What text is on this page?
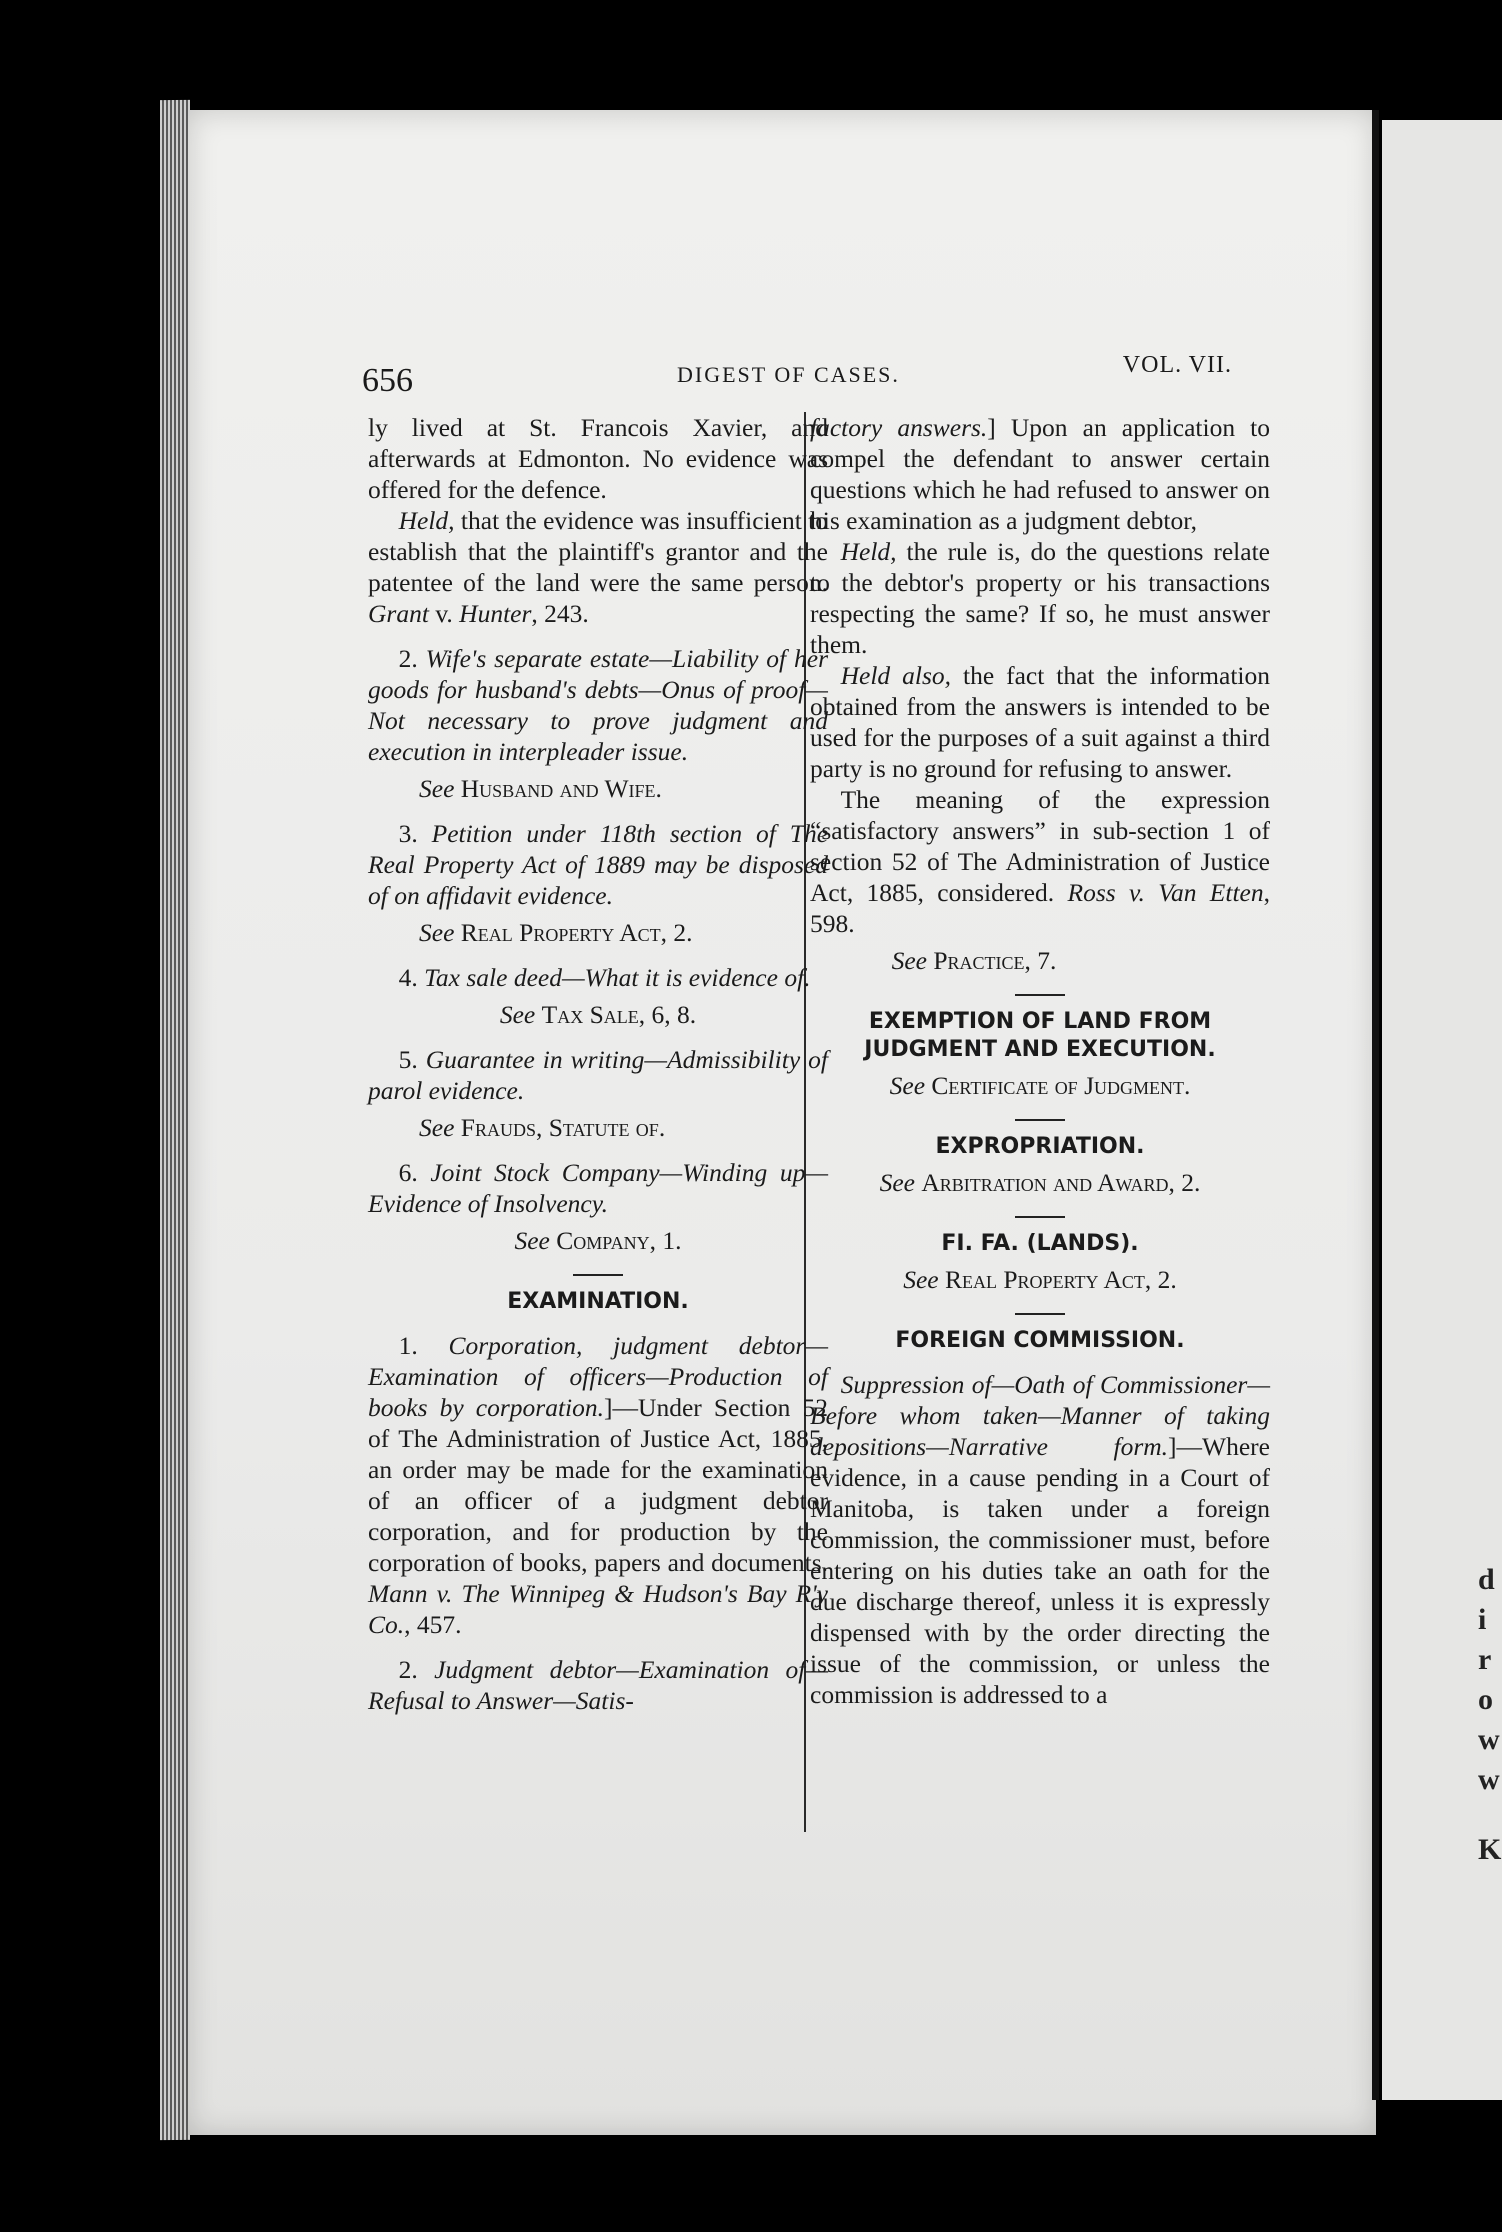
d
i
r
o
w
w
K
656	DIGEST OF CASES.	VOL. VII.

ly lived at St. Francois Xavier, and afterwards at Edmonton. No evidence was offered for the defence.

Held, that the evidence was insufficient to establish that the plaintiff's grantor and the patentee of the land were the same person. Grant v. Hunter, 243.

2. Wife's separate estate—Liability of her goods for husband's debts—Onus of proof—Not necessary to prove judgment and execution in interpleader issue.

See Husband and Wife.

3. Petition under 118th section of The Real Property Act of 1889 may be disposed of on affidavit evidence.

See Real Property Act, 2.

4. Tax sale deed—What it is evidence of.

See Tax Sale, 6, 8.

5. Guarantee in writing—Admissibility of parol evidence.

See Frauds, Statute of.

6. Joint Stock Company—Winding up—Evidence of Insolvency.

See Company, 1.

EXAMINATION.

1. Corporation, judgment debtor—Examination of officers—Production of books by corporation.]—Under Section 52 of The Administration of Justice Act, 1885, an order may be made for the examination of an officer of a judgment debtor corporation, and for production by the corporation of books, papers and documents. Mann v. The Winnipeg & Hudson's Bay R'y Co., 457.

2. Judgment debtor—Examination of—Refusal to Answer—Satis-

factory answers.] Upon an application to compel the defendant to answer certain questions which he had refused to answer on his examination as a judgment debtor,

Held, the rule is, do the questions relate to the debtor's property or his transactions respecting the same? If so, he must answer them.

Held also, the fact that the information obtained from the answers is intended to be used for the purposes of a suit against a third party is no ground for refusing to answer.

The meaning of the expression “satisfactory answers” in sub-section 1 of section 52 of The Administration of Justice Act, 1885, considered. Ross v. Van Etten, 598.

See Practice, 7.

EXEMPTION OF LAND FROM JUDGMENT AND EXECUTION.

See Certificate of Judgment.

EXPROPRIATION.

See Arbitration and Award, 2.

FI. FA. (LANDS).

See Real Property Act, 2.

FOREIGN COMMISSION.

Suppression of—Oath of Commissioner—Before whom taken—Manner of taking depositions—Narrative form.]—Where evidence, in a cause pending in a Court of Manitoba, is taken under a foreign commission, the commissioner must, before entering on his duties take an oath for the due discharge thereof, unless it is expressly dispensed with by the order directing the issue of the commission, or unless the commission is addressed to a
